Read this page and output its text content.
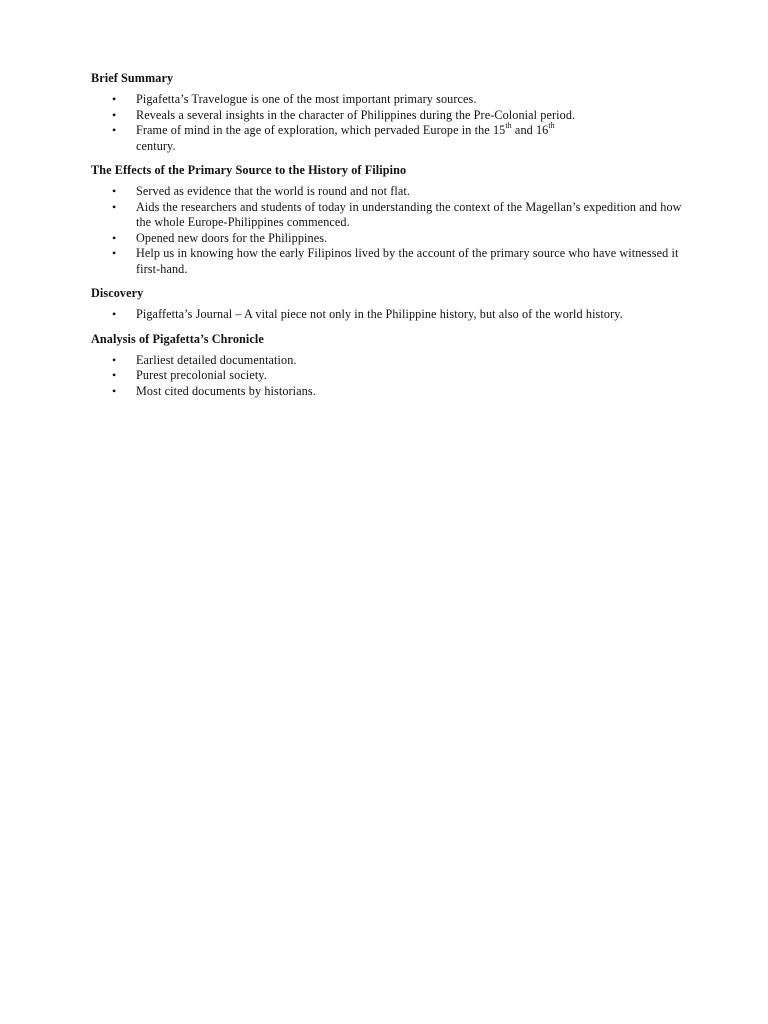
Brief Summary
• Pigafetta’s Travelogue is one of the most important primary sources.
• Reveals a several insights in the character of Philippines during the Pre-Colonial period.
• Frame of mind in the age of exploration, which pervaded Europe in the 15th and 16th
century.
The Effects of the Primary Source to the History of Filipino
• Served as evidence that the world is round and not flat.
• Aids the researchers and students of today in understanding the context of the Magellan’s expedition and how the whole Europe-Philippines commenced.
• Opened new doors for the Philippines.
• Help us in knowing how the early Filipinos lived by the account of the primary source who have witnessed it first-hand.
Discovery
• Pigaffetta’s Journal – A vital piece not only in the Philippine history, but also of the world history.
Analysis of Pigafetta’s Chronicle
• Earliest detailed documentation.
• Purest precolonial society.
• Most cited documents by historians.
